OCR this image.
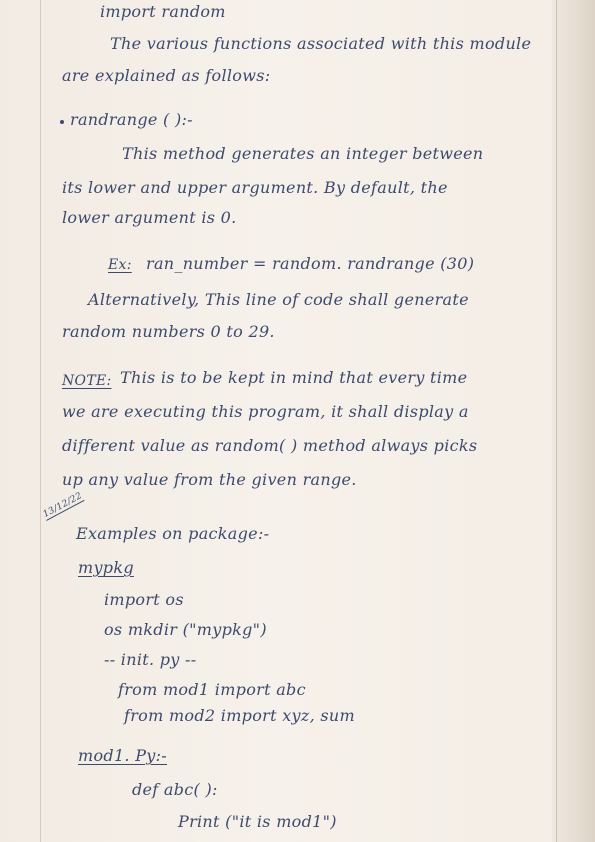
import random
The various functions associated with this module
are explained as follows:
randrange ( ):-
This method generates an integer between
its lower and upper argument. By default, the
lower argument is 0.
Ex: ran_number = random. randrange (30)
Alternatively, This line of code shall generate
random numbers 0 to 29.
NOTE: This is to be kept in mind that every time
we are executing this program, it shall display a
different value as random( ) method always picks
up any value from the given range.
13/12/22
Examples on package:-
mypkg
import os
os mkdir ("mypkg")
-- init. py --
from mod1 import abc
from mod2 import xyz, sum
mod1. Py:-
def abc( ):
Print ("it is mod1")
